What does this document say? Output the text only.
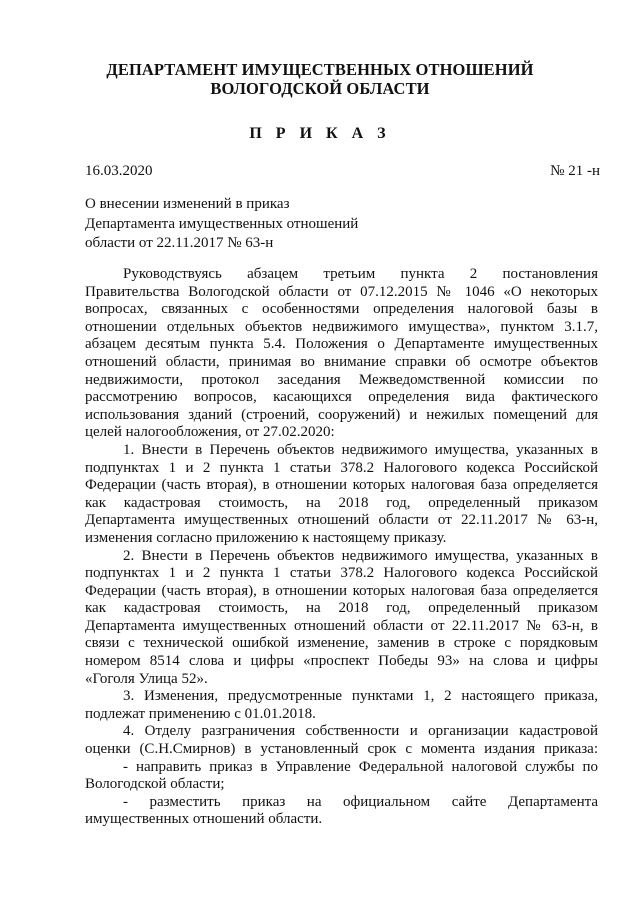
ДЕПАРТАМЕНТ ИМУЩЕСТВЕННЫХ ОТНОШЕНИЙ
ВОЛОГОДСКОЙ ОБЛАСТИ
П Р И К А З
16.03.2020	№ 21 -н
О внесении изменений в приказ
Департамента имущественных отношений
области от 22.11.2017 № 63-н
Руководствуясь абзацем третьим пункта 2 постановления
Правительства Вологодской области от 07.12.2015 № 1046 «О некоторых
вопросах, связанных с особенностями определения налоговой базы в
отношении отдельных объектов недвижимого имущества», пунктом 3.1.7,
абзацем десятым пункта 5.4. Положения о Департаменте имущественных
отношений области, принимая во внимание справки об осмотре объектов
недвижимости, протокол заседания Межведомственной комиссии по
рассмотрению вопросов, касающихся определения вида фактического
использования зданий (строений, сооружений) и нежилых помещений для
целей налогообложения, от 27.02.2020:
1. Внести в Перечень объектов недвижимого имущества, указанных в
подпунктах 1 и 2 пункта 1 статьи 378.2 Налогового кодекса Российской
Федерации (часть вторая), в отношении которых налоговая база определяется
как кадастровая стоимость, на 2018 год, определенный приказом
Департамента имущественных отношений области от 22.11.2017 № 63-н,
изменения согласно приложению к настоящему приказу.
2. Внести в Перечень объектов недвижимого имущества, указанных в
подпунктах 1 и 2 пункта 1 статьи 378.2 Налогового кодекса Российской
Федерации (часть вторая), в отношении которых налоговая база определяется
как кадастровая стоимость, на 2018 год, определенный приказом
Департамента имущественных отношений области от 22.11.2017 № 63-н, в
связи с технической ошибкой изменение, заменив в строке с порядковым
номером 8514 слова и цифры «проспект Победы 93» на слова и цифры
«Гоголя Улица 52».
3. Изменения, предусмотренные пунктами 1, 2 настоящего приказа,
подлежат применению с 01.01.2018.
4. Отделу разграничения собственности и организации кадастровой
оценки (С.Н.Смирнов) в установленный срок с момента издания приказа:
- направить приказ в Управление Федеральной налоговой службы по
Вологодской области;
- разместить приказ на официальном сайте Департамента
имущественных отношений области.
